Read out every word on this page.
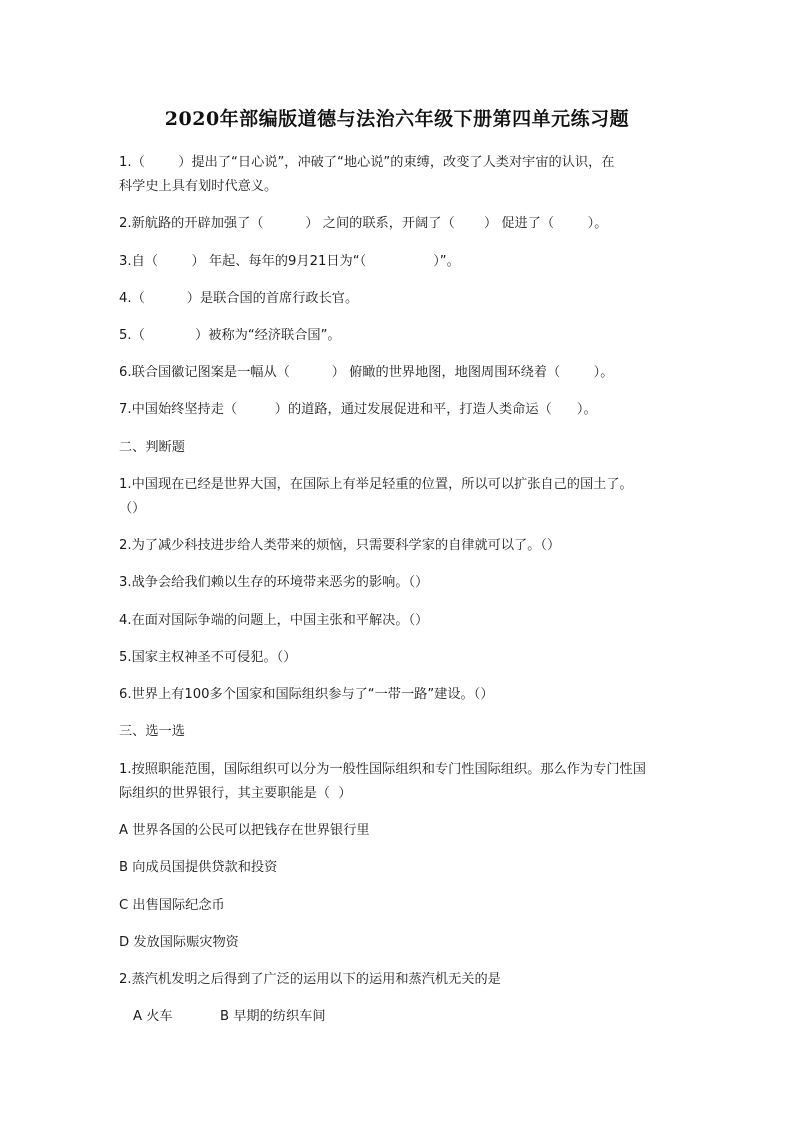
2020年部编版道德与法治六年级下册第四单元练习题
1.（        ）提出了“日心说”，冲破了“地心说”的束缚，改变了人类对宇宙的认识，在
科学史上具有划时代意义。
2.新航路的开辟加强了（          ） 之间的联系，开阔了（       ） 促进了（        ）。
3.自（        ） 年起、每年的9月21日为“（                ）”。
4.（          ）是联合国的首席行政长官。
5.（            ）被称为“经济联合国”。
6.联合国徽记图案是一幅从（          ） 俯瞰的世界地图，地图周围环绕着（        ）。
7.中国始终坚持走（         ）的道路，通过发展促进和平，打造人类命运（      ）。
二、判断题
1.中国现在已经是世界大国，在国际上有举足轻重的位置，所以可以扩张自己的国土了。
（）
2.为了减少科技进步给人类带来的烦恼，只需要科学家的自律就可以了。（）
3.战争会给我们赖以生存的环境带来恶劣的影响。（）
4.在面对国际争端的问题上，中国主张和平解决。（）
5.国家主权神圣不可侵犯。（）
6.世界上有100多个国家和国际组织参与了“一带一路”建设。（）
三、选一选
1.按照职能范围，国际组织可以分为一般性国际组织和专门性国际组织。那么作为专门性国
际组织的世界银行，其主要职能是（  ）
A 世界各国的公民可以把钱存在世界银行里
B 向成员国提供贷款和投资
C 出售国际纪念币
D 发放国际赈灾物资
2.蒸汽机发明之后得到了广泛的运用以下的运用和蒸汽机无关的是
A 火车	B 早期的纺织车间
